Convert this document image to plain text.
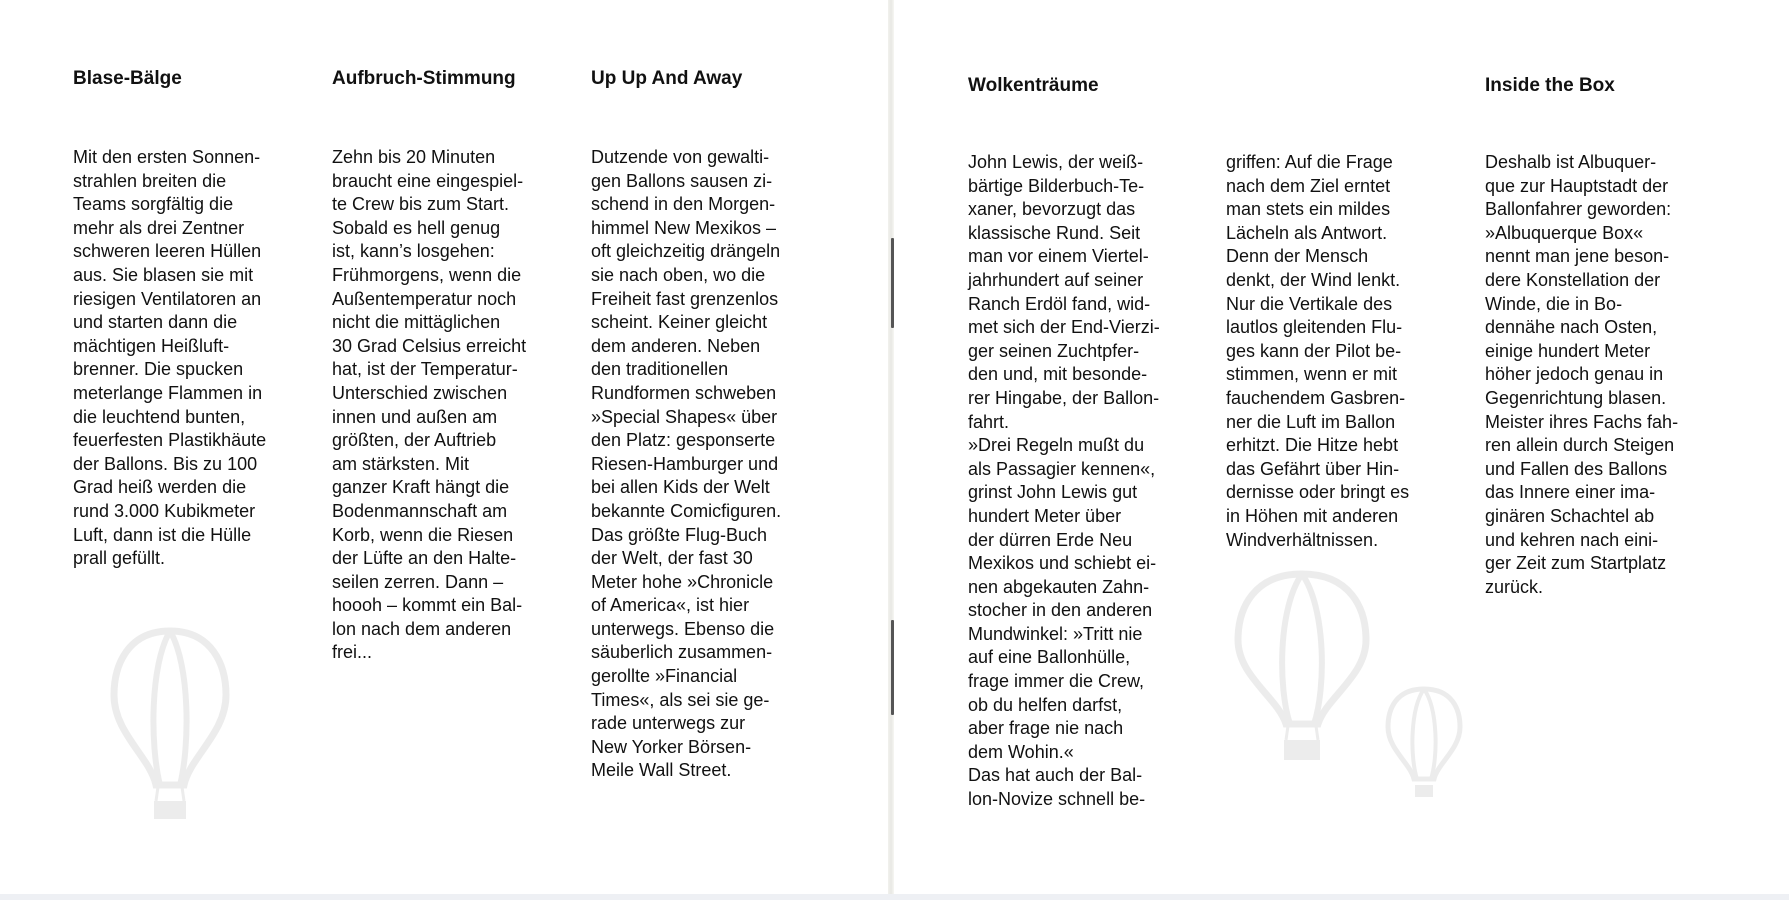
Blase-Bälge

Mit den ersten Sonnen-
strahlen breiten die
Teams sorgfältig die
mehr als drei Zentner
schweren leeren Hüllen
aus. Sie blasen sie mit
riesigen Ventilatoren an
und starten dann die
mächtigen Heißluft-
brenner. Die spucken
meterlange Flammen in
die leuchtend bunten,
feuerfesten Plastikhäute
der Ballons. Bis zu 100
Grad heiß werden die
rund 3.000 Kubikmeter
Luft, dann ist die Hülle
prall gefüllt.

Aufbruch-Stimmung

Zehn bis 20 Minuten
braucht eine eingespiel-
te Crew bis zum Start.
Sobald es hell genug
ist, kann’s losgehen:
Frühmorgens, wenn die
Außentemperatur noch
nicht die mittäglichen
30 Grad Celsius erreicht
hat, ist der Temperatur-
Unterschied zwischen
innen und außen am
größten, der Auftrieb
am stärksten. Mit
ganzer Kraft hängt die
Bodenmannschaft am
Korb, wenn die Riesen
der Lüfte an den Halte-
seilen zerren. Dann –
hoooh – kommt ein Bal-
lon nach dem anderen
frei...

Up Up And Away

Dutzende von gewalti-
gen Ballons sausen zi-
schend in den Morgen-
himmel New Mexikos –
oft gleichzeitig drängeln
sie nach oben, wo die
Freiheit fast grenzenlos
scheint. Keiner gleicht
dem anderen. Neben
den traditionellen
Rundformen schweben
»Special Shapes« über
den Platz: gesponserte
Riesen-Hamburger und
bei allen Kids der Welt
bekannte Comicfiguren.
Das größte Flug-Buch
der Welt, der fast 30
Meter hohe »Chronicle
of America«, ist hier
unterwegs. Ebenso die
säuberlich zusammen-
gerollte »Financial
Times«, als sei sie ge-
rade unterwegs zur
New Yorker Börsen-
Meile Wall Street.

Wolkenträume

John Lewis, der weiß-
bärtige Bilderbuch-Te-
xaner, bevorzugt das
klassische Rund. Seit
man vor einem Viertel-
jahrhundert auf seiner
Ranch Erdöl fand, wid-
met sich der End-Vierzi-
ger seinen Zuchtpfer-
den und, mit besonde-
rer Hingabe, der Ballon-
fahrt.
»Drei Regeln mußt du
als Passagier kennen«,
grinst John Lewis gut
hundert Meter über
der dürren Erde Neu
Mexikos und schiebt ei-
nen abgekauten Zahn-
stocher in den anderen
Mundwinkel: »Tritt nie
auf eine Ballonhülle,
frage immer die Crew,
ob du helfen darfst,
aber frage nie nach
dem Wohin.«
Das hat auch der Bal-
lon-Novize schnell be-

griffen: Auf die Frage
nach dem Ziel erntet
man stets ein mildes
Lächeln als Antwort.
Denn der Mensch
denkt, der Wind lenkt.
Nur die Vertikale des
lautlos gleitenden Flu-
ges kann der Pilot be-
stimmen, wenn er mit
fauchendem Gasbren-
ner die Luft im Ballon
erhitzt. Die Hitze hebt
das Gefährt über Hin-
dernisse oder bringt es
in Höhen mit anderen
Windverhältnissen.

Inside the Box

Deshalb ist Albuquer-
que zur Hauptstadt der
Ballonfahrer geworden:
»Albuquerque Box«
nennt man jene beson-
dere Konstellation der
Winde, die in Bo-
dennähe nach Osten,
einige hundert Meter
höher jedoch genau in
Gegenrichtung blasen.
Meister ihres Fachs fah-
ren allein durch Steigen
und Fallen des Ballons
das Innere einer ima-
ginären Schachtel ab
und kehren nach eini-
ger Zeit zum Startplatz
zurück.
